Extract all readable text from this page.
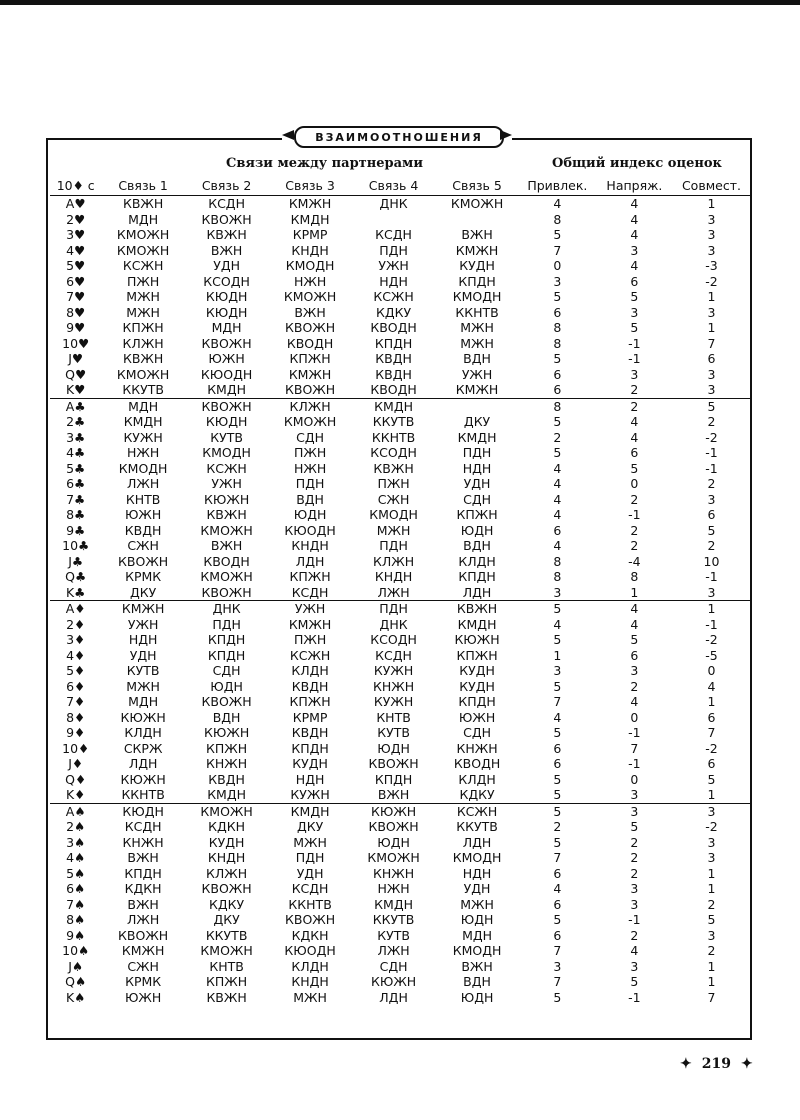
ВЗАИМООТНОШЕНИЯ
Связи между партнерами	Общий индекс оценок
10♦ с	Связь 1	Связь 2	Связь 3	Связь 4	Связь 5	Привлек.	Напряж.	Совмест.
A♥	КВЖН	КСДН	КМЖН	ДНК	КМОЖН	4	4	1
2♥	МДН	КВОЖН	КМДН			8	4	3
3♥	КМОЖН	КВЖН	КРМР	КСДН	ВЖН	5	4	3
4♥	КМОЖН	ВЖН	КНДН	ПДН	КМЖН	7	3	3
5♥	КСЖН	УДН	КМОДН	УЖН	КУДН	0	4	-3
6♥	ПЖН	КСОДН	НЖН	НДН	КПДН	3	6	-2
7♥	МЖН	КЮДН	КМОЖН	КСЖН	КМОДН	5	5	1
8♥	МЖН	КЮДН	ВЖН	КДКУ	ККНТВ	6	3	3
9♥	КПЖН	МДН	КВОЖН	КВОДН	МЖН	8	5	1
10♥	КЛЖН	КВОЖН	КВОДН	КПДН	МЖН	8	-1	7
J♥	КВЖН	ЮЖН	КПЖН	КВДН	ВДН	5	-1	6
Q♥	КМОЖН	КЮОДН	КМЖН	КВДН	УЖН	6	3	3
K♥	ККУТВ	КМДН	КВОЖН	КВОДН	КМЖН	6	2	3
A♣	МДН	КВОЖН	КЛЖН	КМДН		8	2	5
2♣	КМДН	КЮДН	КМОЖН	ККУТВ	ДКУ	5	4	2
3♣	КУЖН	КУТВ	СДН	ККНТВ	КМДН	2	4	-2
4♣	НЖН	КМОДН	ПЖН	КСОДН	ПДН	5	6	-1
5♣	КМОДН	КСЖН	НЖН	КВЖН	НДН	4	5	-1
6♣	ЛЖН	УЖН	ПДН	ПЖН	УДН	4	0	2
7♣	КНТВ	КЮЖН	ВДН	СЖН	СДН	4	2	3
8♣	ЮЖН	КВЖН	ЮДН	КМОДН	КПЖН	4	-1	6
9♣	КВДН	КМОЖН	КЮОДН	МЖН	ЮДН	6	2	5
10♣	СЖН	ВЖН	КНДН	ПДН	ВДН	4	2	2
J♣	КВОЖН	КВОДН	ЛДН	КЛЖН	КЛДН	8	-4	10
Q♣	КРМК	КМОЖН	КПЖН	КНДН	КПДН	8	8	-1
K♣	ДКУ	КВОЖН	КСДН	ЛЖН	ЛДН	3	1	3
A♦	КМЖН	ДНК	УЖН	ПДН	КВЖН	5	4	1
2♦	УЖН	ПДН	КМЖН	ДНК	КМДН	4	4	-1
3♦	НДН	КПДН	ПЖН	КСОДН	КЮЖН	5	5	-2
4♦	УДН	КПДН	КСЖН	КСДН	КПЖН	1	6	-5
5♦	КУТВ	СДН	КЛДН	КУЖН	КУДН	3	3	0
6♦	МЖН	ЮДН	КВДН	КНЖН	КУДН	5	2	4
7♦	МДН	КВОЖН	КПЖН	КУЖН	КПДН	7	4	1
8♦	КЮЖН	ВДН	КРМР	КНТВ	ЮЖН	4	0	6
9♦	КЛДН	КЮЖН	КВДН	КУТВ	СДН	5	-1	7
10♦	СКРЖ	КПЖН	КПДН	ЮДН	КНЖН	6	7	-2
J♦	ЛДН	КНЖН	КУДН	КВОЖН	КВОДН	6	-1	6
Q♦	КЮЖН	КВДН	НДН	КПДН	КЛДН	5	0	5
K♦	ККНТВ	КМДН	КУЖН	ВЖН	КДКУ	5	3	1
A♠	КЮДН	КМОЖН	КМДН	КЮЖН	КСЖН	5	3	3
2♠	КСДН	КДКН	ДКУ	КВОЖН	ККУТВ	2	5	-2
3♠	КНЖН	КУДН	МЖН	ЮДН	ЛДН	5	2	3
4♠	ВЖН	КНДН	ПДН	КМОЖН	КМОДН	7	2	3
5♠	КПДН	КЛЖН	УДН	КНЖН	НДН	6	2	1
6♠	КДКН	КВОЖН	КСДН	НЖН	УДН	4	3	1
7♠	ВЖН	КДКУ	ККНТВ	КМДН	МЖН	6	3	2
8♠	ЛЖН	ДКУ	КВОЖН	ККУТВ	ЮДН	5	-1	5
9♠	КВОЖН	ККУТВ	КДКН	КУТВ	МДН	6	2	3
10♠	КМЖН	КМОЖН	КЮОДН	ЛЖН	КМОДН	7	4	2
J♠	СЖН	КНТВ	КЛДН	СДН	ВЖН	3	3	1
Q♠	КРМК	КПЖН	КНДН	КЮЖН	ВДН	7	5	1
K♠	ЮЖН	КВЖН	МЖН	ЛДН	ЮДН	5	-1	7
✦ 219 ✦
